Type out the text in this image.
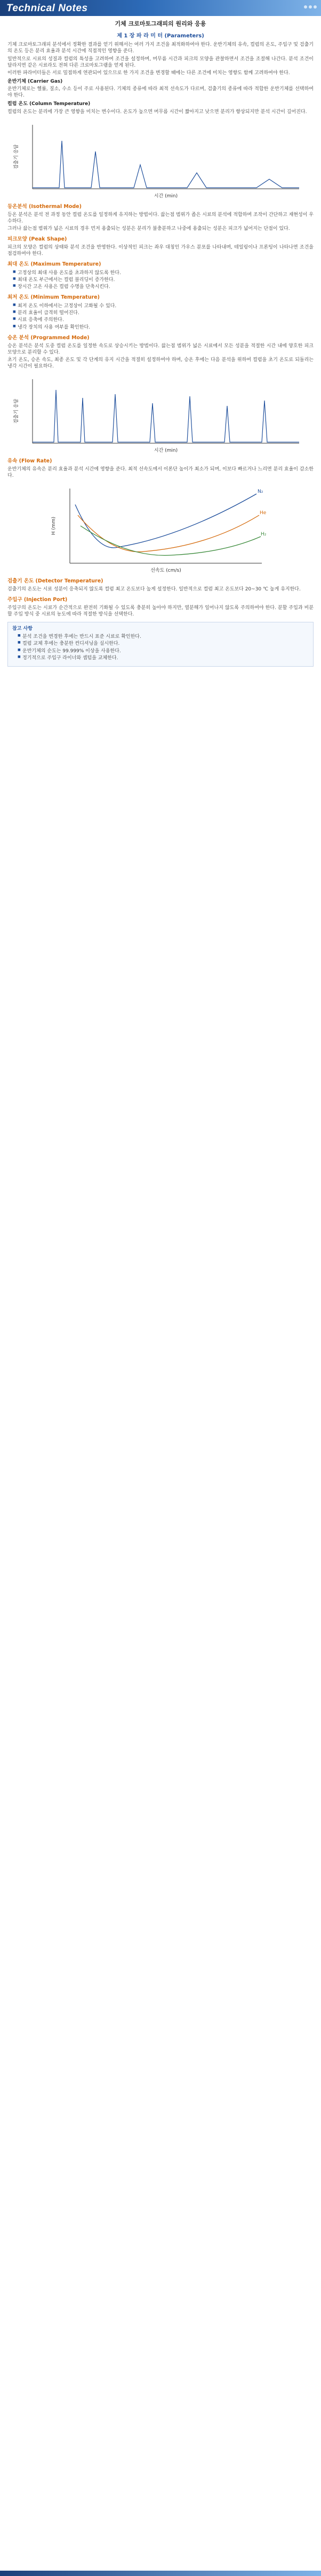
Technical Notes
기체 크로마토그래피의 원리와 응용
제 1 장 파 라 미 터 (Parameters)

기체 크로마토그래피 분석에서 정확한 결과를 얻기 위해서는 여러 가지 조건을 최적화하여야 한다. 운반기체의 유속, 컬럼의 온도, 주입구 및 검출기의 온도 등은 분리 효율과 분석 시간에 직접적인 영향을 준다.

일반적으로 시료의 성질과 컬럼의 특성을 고려하여 조건을 설정하며, 머무름 시간과 피크의 모양을 관찰하면서 조건을 조절해 나간다. 분석 조건이 달라지면 같은 시료라도 전혀 다른 크로마토그램을 얻게 된다.

이러한 파라미터들은 서로 밀접하게 연관되어 있으므로 한 가지 조건을 변경할 때에는 다른 조건에 미치는 영향도 함께 고려하여야 한다.

운반기체 (Carrier Gas)

운반기체로는 헬륨, 질소, 수소 등이 주로 사용된다. 기체의 종류에 따라 최적 선속도가 다르며, 검출기의 종류에 따라 적합한 운반기체를 선택하여야 한다.

컬럼 온도 (Column Temperature)

컬럼의 온도는 분리에 가장 큰 영향을 미치는 변수이다. 온도가 높으면 머무름 시간이 짧아지고 낮으면 분리가 향상되지만 분석 시간이 길어진다.

시간 (min)
검출기 응답
등온분석 (Isothermal Mode)

등온 분석은 분석 전 과정 동안 컬럼 온도를 일정하게 유지하는 방법이다. 끓는점 범위가 좁은 시료의 분석에 적합하며 조작이 간단하고 재현성이 우수하다.

그러나 끓는점 범위가 넓은 시료의 경우 먼저 용출되는 성분은 분리가 불충분하고 나중에 용출되는 성분은 피크가 넓어지는 단점이 있다.

피크모양 (Peak Shape)

피크의 모양은 컬럼의 상태와 분석 조건을 반영한다. 이상적인 피크는 좌우 대칭인 가우스 분포를 나타내며, 테일링이나 프론팅이 나타나면 조건을 점검하여야 한다.

최대 온도 (Maximum Temperature)
■ 고정상의 최대 사용 온도를 초과하지 않도록 한다.
■ 최대 온도 부근에서는 컬럼 블리딩이 증가한다.
■ 장시간 고온 사용은 컬럼 수명을 단축시킨다.
최저 온도 (Minimum Temperature)
■ 최저 온도 이하에서는 고정상이 고화될 수 있다.
■ 분리 효율이 급격히 떨어진다.
■ 시료 응축에 주의한다.
■ 냉각 장치의 사용 여부를 확인한다.
승온 분석 (Programmed Mode)

승온 분석은 분석 도중 컬럼 온도를 일정한 속도로 상승시키는 방법이다. 끓는점 범위가 넓은 시료에서 모든 성분을 적절한 시간 내에 양호한 피크 모양으로 분리할 수 있다.

초기 온도, 승온 속도, 최종 온도 및 각 단계의 유지 시간을 적절히 설정하여야 하며, 승온 후에는 다음 분석을 위하여 컬럼을 초기 온도로 되돌리는 냉각 시간이 필요하다.

시간 (min)
검출기 응답
유속 (Flow Rate)

운반기체의 유속은 분리 효율과 분석 시간에 영향을 준다. 최적 선속도에서 이론단 높이가 최소가 되며, 이보다 빠르거나 느리면 분리 효율이 감소한다.

N₂
He
H₂
선속도 (cm/s)
H (mm)
검출기 온도 (Detector Temperature)

검출기의 온도는 시료 성분이 응축되지 않도록 컬럼 최고 온도보다 높게 설정한다. 일반적으로 컬럼 최고 온도보다 20~30 ℃ 높게 유지한다.

주입구 (Injection Port)

주입구의 온도는 시료가 순간적으로 완전히 기화될 수 있도록 충분히 높아야 하지만, 열분해가 일어나지 않도록 주의하여야 한다. 분할 주입과 비분할 주입 방식 중 시료의 농도에 따라 적절한 방식을 선택한다.

참고 사항
■ 분석 조건을 변경한 후에는 반드시 표준 시료로 확인한다.
■ 컬럼 교체 후에는 충분한 컨디셔닝을 실시한다.
■ 운반기체의 순도는 99.999% 이상을 사용한다.
■ 정기적으로 주입구 라이너와 셉텀을 교체한다.
